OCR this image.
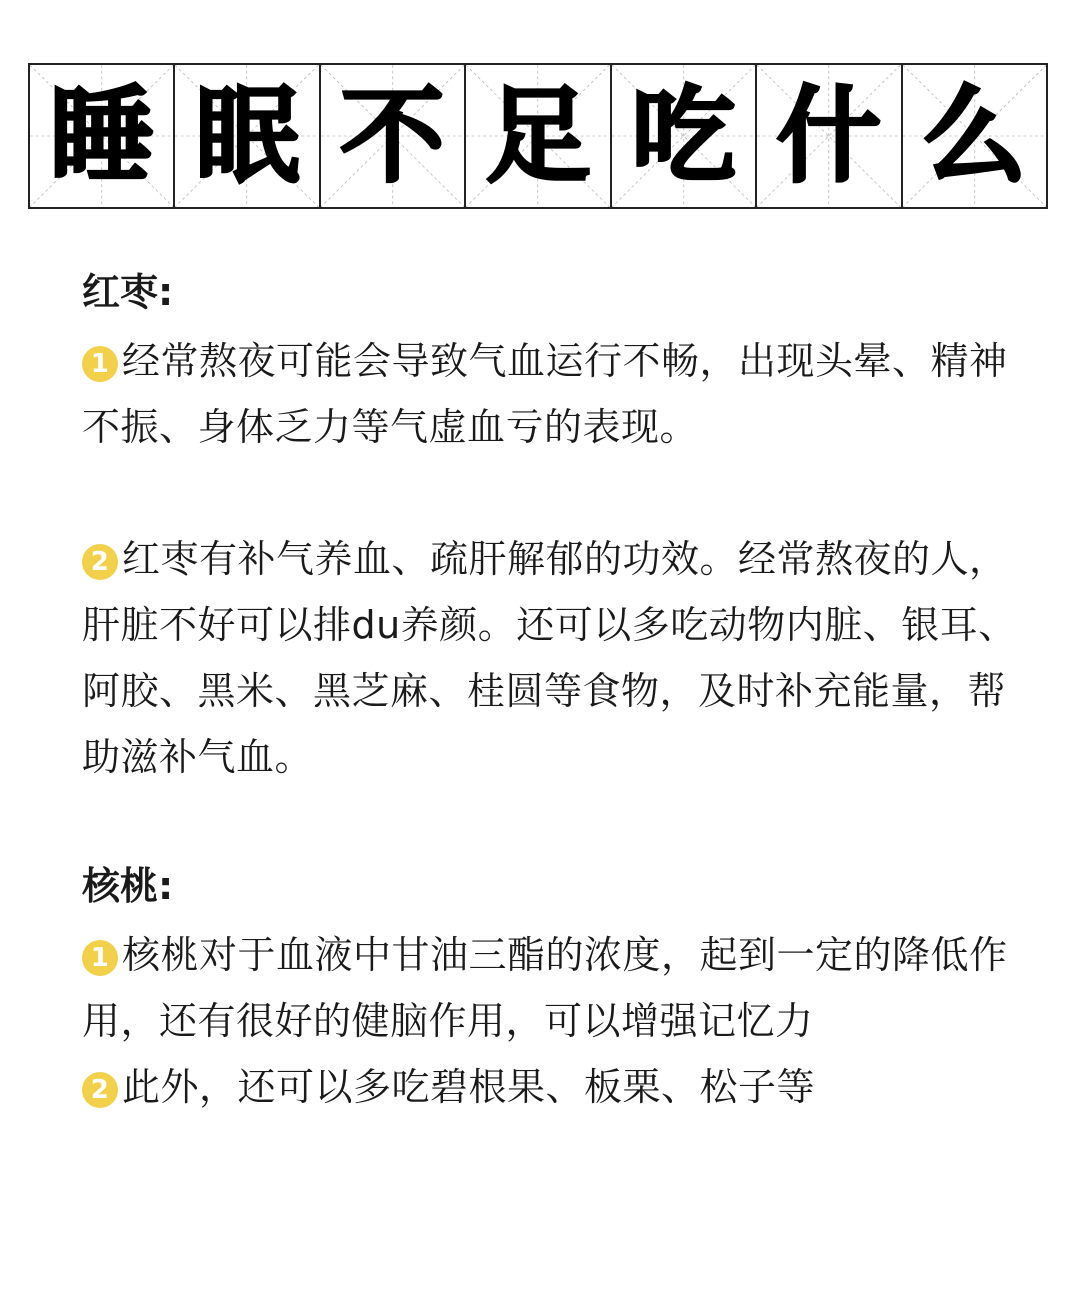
睡 眠 不 足 吃 什 么

红枣:

1 经常熬夜可能会导致气血运行不畅，出现头晕、精神不振、身体乏力等气虚血亏的表现。

2 红枣有补气养血、疏肝解郁的功效。经常熬夜的人，肝脏不好可以排du养颜。还可以多吃动物内脏、银耳、阿胶、黑米、黑芝麻、桂圆等食物，及时补充能量，帮助滋补气血。

核桃:

1 核桃对于血液中甘油三酯的浓度，起到一定的降低作用，还有很好的健脑作用，可以增强记忆力

2 此外，还可以多吃碧根果、板栗、松子等
